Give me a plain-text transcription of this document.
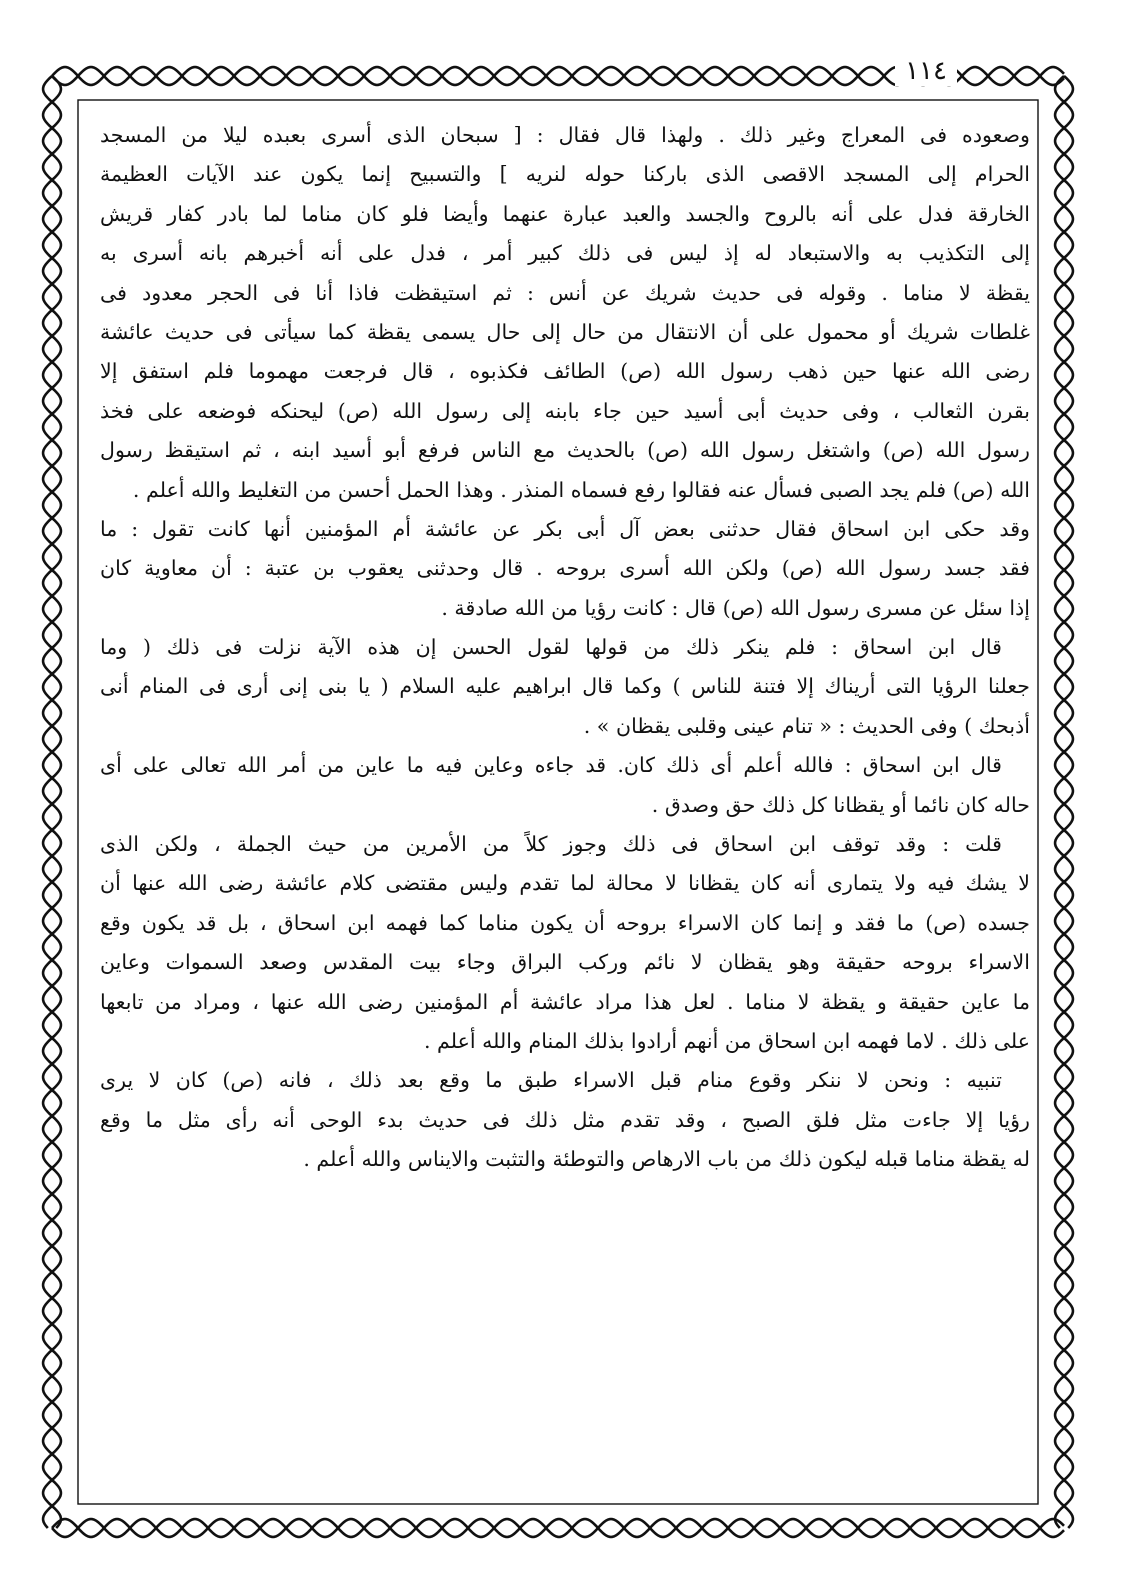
١١٤
وصعوده فى المعراج وغير ذلك . ولهذا قال فقال : [ سبحان الذى أسرى بعبده ليلا من المسجد
الحرام إلى المسجد الاقصى الذى باركنا حوله لنريه ] والتسبيح إنما يكون عند الآيات العظيمة
الخارقة فدل على أنه بالروح والجسد والعبد عبارة عنهما وأيضا فلو كان مناما لما بادر كفار قريش
إلى التكذيب به والاستبعاد له إذ ليس فى ذلك كبير أمر ، فدل على أنه أخبرهم بانه أسرى به
يقظة لا مناما . وقوله فى حديث شريك عن أنس : ثم استيقظت فاذا أنا فى الحجر معدود فى
غلطات شريك أو محمول على أن الانتقال من حال إلى حال يسمى يقظة كما سيأتى فى حديث عائشة
رضى الله عنها حين ذهب رسول الله (ص) الطائف فكذبوه ، قال فرجعت مهموما فلم استفق إلا
بقرن الثعالب ، وفى حديث أبى أسيد حين جاء بابنه إلى رسول الله (ص) ليحنكه فوضعه على فخذ
رسول الله (ص) واشتغل رسول الله (ص) بالحديث مع الناس فرفع أبو أسيد ابنه ، ثم استيقظ رسول
الله (ص) فلم يجد الصبى فسأل عنه فقالوا رفع فسماه المنذر . وهذا الحمل أحسن من التغليط والله أعلم .
وقد حكى ابن اسحاق فقال حدثنى بعض آل أبى بكر عن عائشة أم المؤمنين أنها كانت تقول : ما
فقد جسد رسول الله (ص) ولكن الله أسرى بروحه . قال وحدثنى يعقوب بن عتبة : أن معاوية كان
إذا سئل عن مسرى رسول الله (ص) قال : كانت رؤيا من الله صادقة .
قال ابن اسحاق : فلم ينكر ذلك من قولها لقول الحسن إن هذه الآية نزلت فى ذلك ( وما
جعلنا الرؤيا التى أريناك إلا فتنة للناس ) وكما قال ابراهيم عليه السلام ( يا بنى إنى أرى فى المنام أنى
أذبحك ) وفى الحديث : « تنام عينى وقلبى يقظان » .
قال ابن اسحاق : فالله أعلم أى ذلك كان. قد جاءه وعاين فيه ما عاين من أمر الله تعالى على أى
حاله كان نائما أو يقظانا كل ذلك حق وصدق .
قلت : وقد توقف ابن اسحاق فى ذلك وجوز كلاً من الأمرين من حيث الجملة ، ولكن الذى
لا يشك فيه ولا يتمارى أنه كان يقظانا لا محالة لما تقدم وليس مقتضى كلام عائشة رضى الله عنها أن
جسده (ص) ما فقد و إنما كان الاسراء بروحه أن يكون مناما كما فهمه ابن اسحاق ، بل قد يكون وقع
الاسراء بروحه حقيقة وهو يقظان لا نائم وركب البراق وجاء بيت المقدس وصعد السموات وعاين
ما عاين حقيقة و يقظة لا مناما . لعل هذا مراد عائشة أم المؤمنين رضى الله عنها ، ومراد من تابعها
على ذلك . لاما فهمه ابن اسحاق من أنهم أرادوا بذلك المنام والله أعلم .
تنبيه : ونحن لا ننكر وقوع منام قبل الاسراء طبق ما وقع بعد ذلك ، فانه (ص) كان لا يرى
رؤيا إلا جاءت مثل فلق الصبح ، وقد تقدم مثل ذلك فى حديث بدء الوحى أنه رأى مثل ما وقع
له يقظة مناما قبله ليكون ذلك من باب الارهاص والتوطئة والتثبت والايناس والله أعلم .
